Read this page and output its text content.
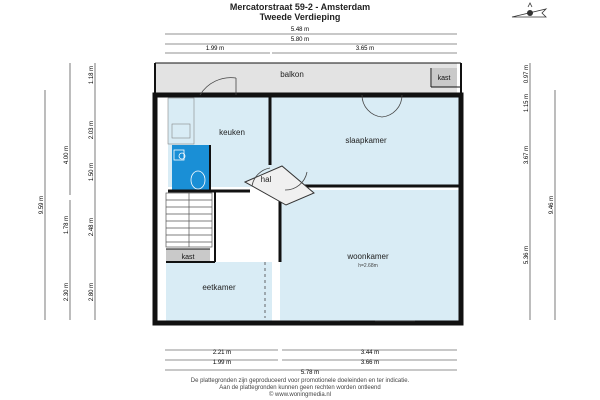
Mercatorstraat 59-2 - Amsterdam
Tweede Verdieping
balkon	kast
keuken
slaapkamer
hal
woonkamer
h=2.68m
eetkamer
kast
5.48 m
5.80 m
1.99 m	3.65 m
2.21 m	3.44 m
1.99 m	3.66 m
5.78 m
9.59 m
4.00 m
1.18 m
2.03 m
1.50 m
1.78 m	2.48 m
2.30 m	2.80 m
0.97 m
9.46 m
3.67 m
5.36 m
1.15 m
De plattegronden zijn geproduceerd voor promotionele doeleinden en ter indicatie.
Aan de plattegronden kunnen geen rechten worden ontleend
© www.woningmedia.nl
